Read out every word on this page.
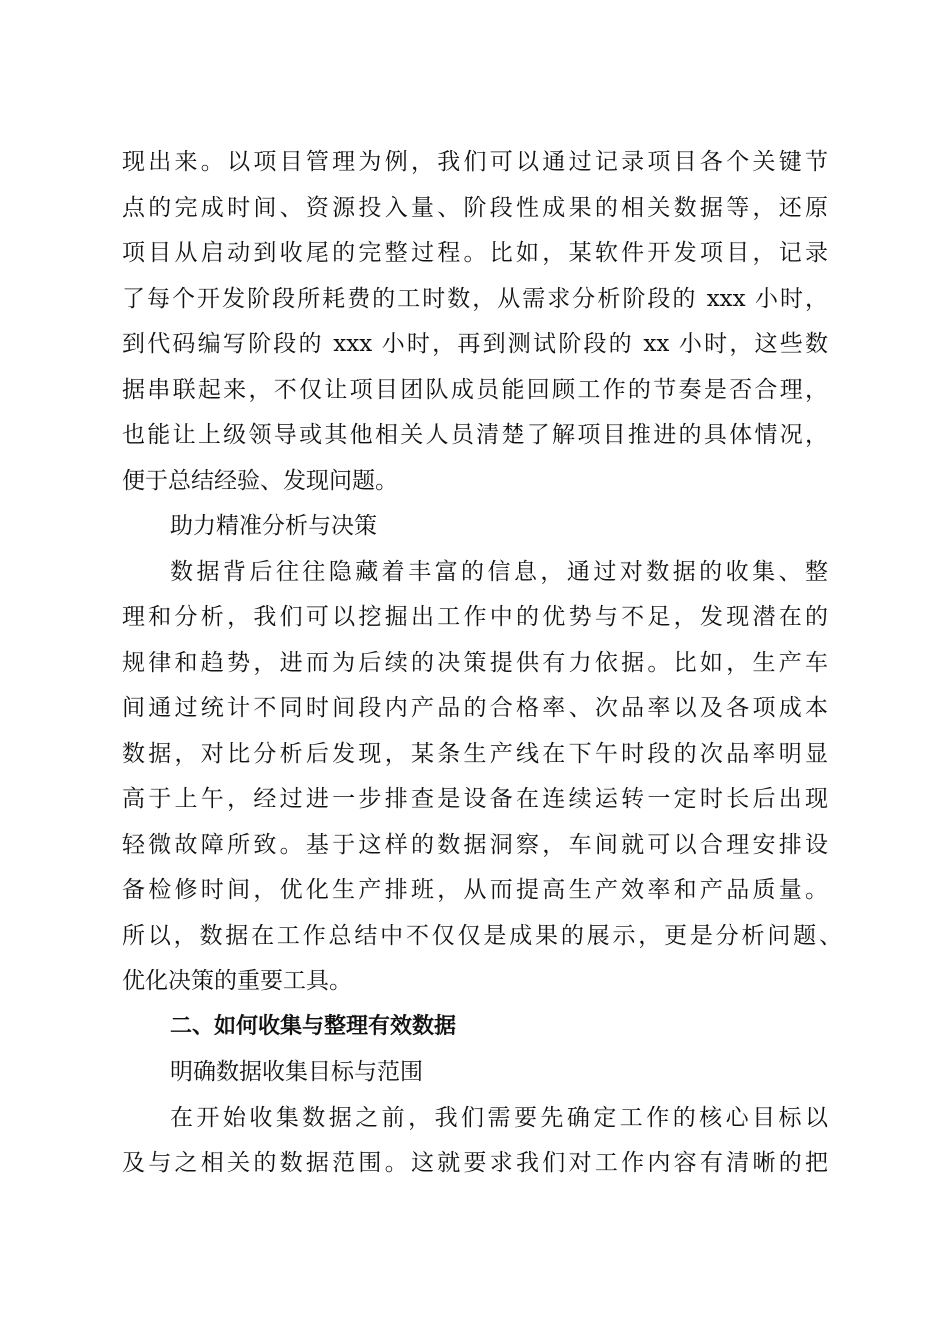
现出来。以项目管理为例，我们可以通过记录项目各个关键节
点的完成时间、资源投入量、阶段性成果的相关数据等，还原
项目从启动到收尾的完整过程。比如，某软件开发项目，记录
了每个开发阶段所耗费的工时数，从需求分析阶段的 xxx 小时，
到代码编写阶段的 xxx 小时，再到测试阶段的 xx 小时，这些数
据串联起来，不仅让项目团队成员能回顾工作的节奏是否合理，
也能让上级领导或其他相关人员清楚了解项目推进的具体情况，
便于总结经验、发现问题。
助力精准分析与决策
数据背后往往隐藏着丰富的信息，通过对数据的收集、整
理和分析，我们可以挖掘出工作中的优势与不足，发现潜在的
规律和趋势，进而为后续的决策提供有力依据。比如，生产车
间通过统计不同时间段内产品的合格率、次品率以及各项成本
数据，对比分析后发现，某条生产线在下午时段的次品率明显
高于上午，经过进一步排查是设备在连续运转一定时长后出现
轻微故障所致。基于这样的数据洞察，车间就可以合理安排设
备检修时间，优化生产排班，从而提高生产效率和产品质量。
所以，数据在工作总结中不仅仅是成果的展示，更是分析问题、
优化决策的重要工具。
二、如何收集与整理有效数据
明确数据收集目标与范围
在开始收集数据之前，我们需要先确定工作的核心目标以
及与之相关的数据范围。这就要求我们对工作内容有清晰的把
